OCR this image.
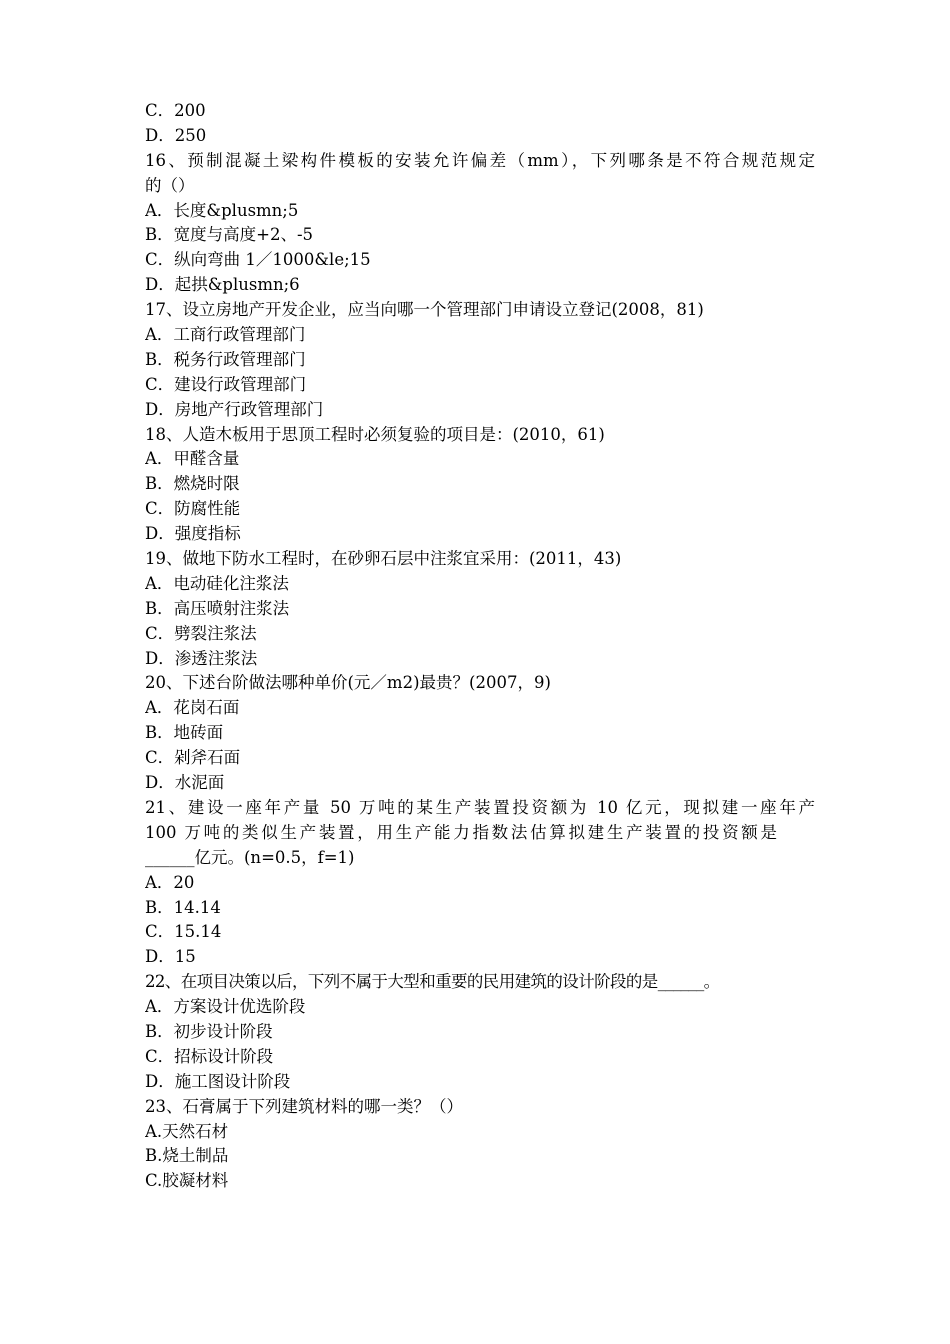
C．200
D．250
16、预制混凝土梁构件模板的安装允许偏差（mm），下列哪条是不符合规范规定
的（）
A．长度&plusmn;5
B．宽度与高度+2、-5
C．纵向弯曲 1／1000&le;15
D．起拱&plusmn;6
17、设立房地产开发企业，应当向哪一个管理部门申请设立登记(2008，81)
A．工商行政管理部门
B．税务行政管理部门
C．建设行政管理部门
D．房地产行政管理部门
18、人造木板用于思顶工程时必须复验的项目是：(2010，61)
A．甲醛含量
B．燃烧时限
C．防腐性能
D．强度指标
19、做地下防水工程时，在砂卵石层中注浆宜采用：(2011，43)
A．电动硅化注浆法
B．高压喷射注浆法
C．劈裂注浆法
D．渗透注浆法
20、下述台阶做法哪种单价(元／m2)最贵？(2007，9)
A．花岗石面
B．地砖面
C．剁斧石面
D．水泥面
21、建设一座年产量 50 万吨的某生产装置投资额为 10 亿元，现拟建一座年产
100 万吨的类似生产装置，用生产能力指数法估算拟建生产装置的投资额是
______亿元。(n=0.5，f=1)
A．20
B．14.14
C．15.14
D．15
22、在项目决策以后，下列不属于大型和重要的民用建筑的设计阶段的是______。
A．方案设计优选阶段
B．初步设计阶段
C．招标设计阶段
D．施工图设计阶段
23、石膏属于下列建筑材料的哪一类？（）
A.天然石材
B.烧土制品
C.胶凝材料
